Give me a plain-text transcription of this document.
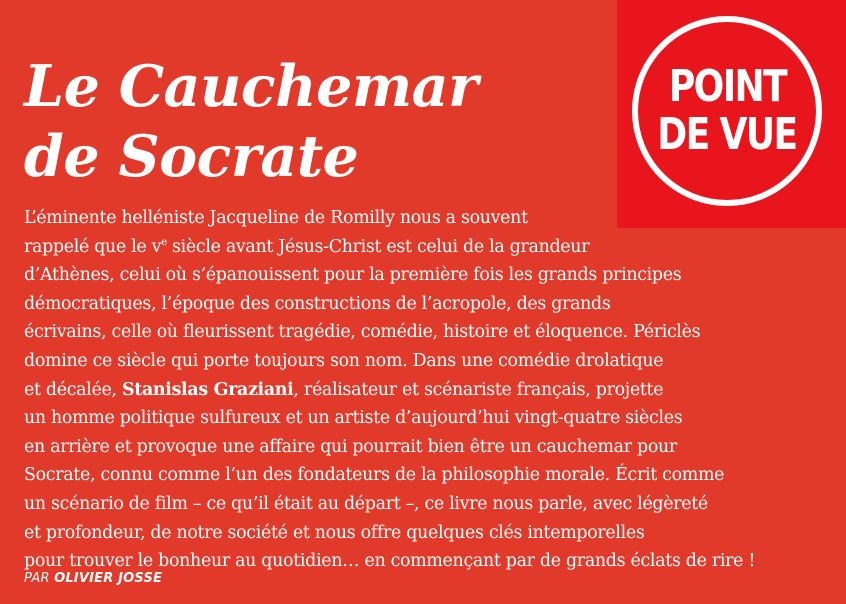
Le Cauchemar
de Socrate
POINT
DE VUE

L’éminente helléniste Jacqueline de Romilly nous a souvent
rappelé que le $v^e$ siècle avant Jésus-Christ est celui de la grandeur
d’Athènes, celui où s’épanouissent pour la première fois les grands principes
démocratiques, l’époque des constructions de l’acropole, des grands
écrivains, celle où fleurissent tragédie, comédie, histoire et éloquence. Périclès
domine ce siècle qui porte toujours son nom. Dans une comédie drolatique
et décalée, Stanislas Graziani, réalisateur et scénariste français, projette
un homme politique sulfureux et un artiste d’aujourd’hui vingt-quatre siècles
en arrière et provoque une affaire qui pourrait bien être un cauchemar pour
Socrate, connu comme l’un des fondateurs de la philosophie morale. Écrit comme
un scénario de film – ce qu’il était au départ –, ce livre nous parle, avec légèreté
et profondeur, de notre société et nous offre quelques clés intemporelles
pour trouver le bonheur au quotidien… en commençant par de grands éclats de rire !

PAR OLIVIER JOSSE
